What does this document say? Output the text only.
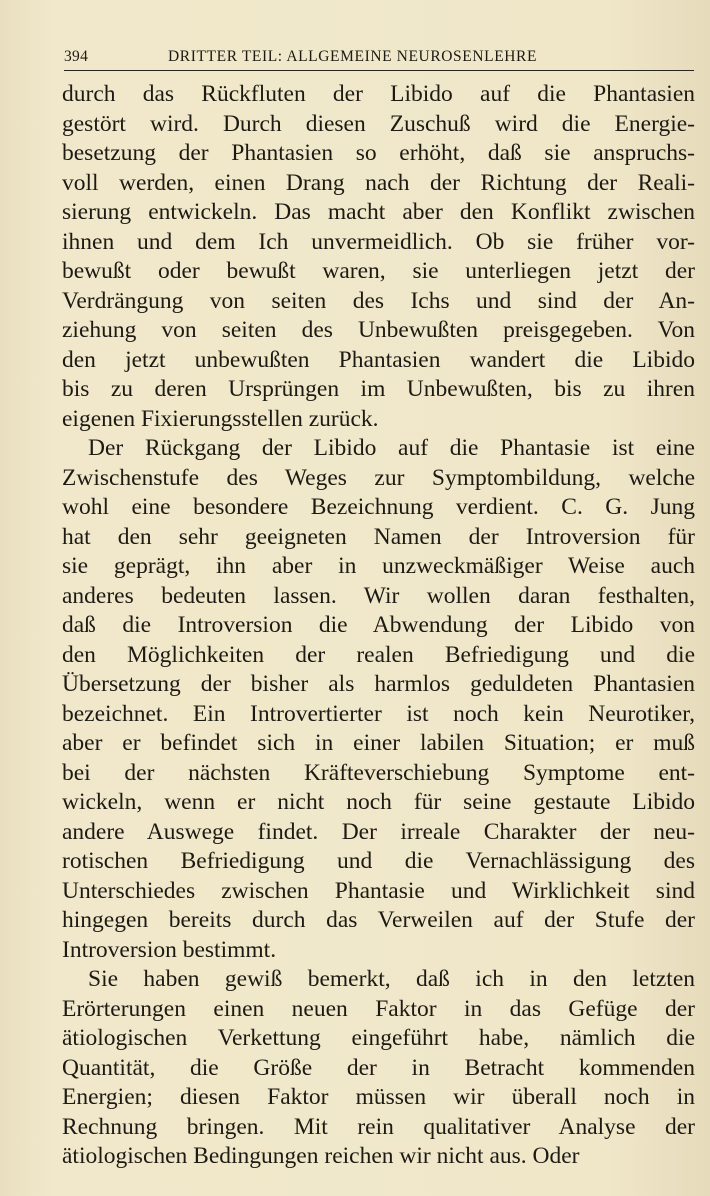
394	DRITTER TEIL: ALLGEMEINE NEUROSENLEHRE
durch das Rückfluten der Libido auf die Phantasien
gestört wird. Durch diesen Zuschuß wird die Energie-
besetzung der Phantasien so erhöht, daß sie anspruchs-
voll werden, einen Drang nach der Richtung der Reali-
sierung entwickeln. Das macht aber den Konflikt zwischen
ihnen und dem Ich unvermeidlich. Ob sie früher vor-
bewußt oder bewußt waren, sie unterliegen jetzt der
Verdrängung von seiten des Ichs und sind der An-
ziehung von seiten des Unbewußten preisgegeben. Von
den jetzt unbewußten Phantasien wandert die Libido
bis zu deren Ursprüngen im Unbewußten, bis zu ihren
eigenen Fixierungsstellen zurück.
Der Rückgang der Libido auf die Phantasie ist eine
Zwischenstufe des Weges zur Symptombildung, welche
wohl eine besondere Bezeichnung verdient. C. G. Jung
hat den sehr geeigneten Namen der Introversion für
sie geprägt, ihn aber in unzweckmäßiger Weise auch
anderes bedeuten lassen. Wir wollen daran festhalten,
daß die Introversion die Abwendung der Libido von
den Möglichkeiten der realen Befriedigung und die
Übersetzung der bisher als harmlos geduldeten Phantasien
bezeichnet. Ein Introvertierter ist noch kein Neurotiker,
aber er befindet sich in einer labilen Situation; er muß
bei der nächsten Kräfteverschiebung Symptome ent-
wickeln, wenn er nicht noch für seine gestaute Libido
andere Auswege findet. Der irreale Charakter der neu-
rotischen Befriedigung und die Vernachlässigung des
Unterschiedes zwischen Phantasie und Wirklichkeit sind
hingegen bereits durch das Verweilen auf der Stufe der
Introversion bestimmt.
Sie haben gewiß bemerkt, daß ich in den letzten
Erörterungen einen neuen Faktor in das Gefüge der
ätiologischen Verkettung eingeführt habe, nämlich die
Quantität, die Größe der in Betracht kommenden
Energien; diesen Faktor müssen wir überall noch in
Rechnung bringen. Mit rein qualitativer Analyse der
ätiologischen Bedingungen reichen wir nicht aus. Oder
